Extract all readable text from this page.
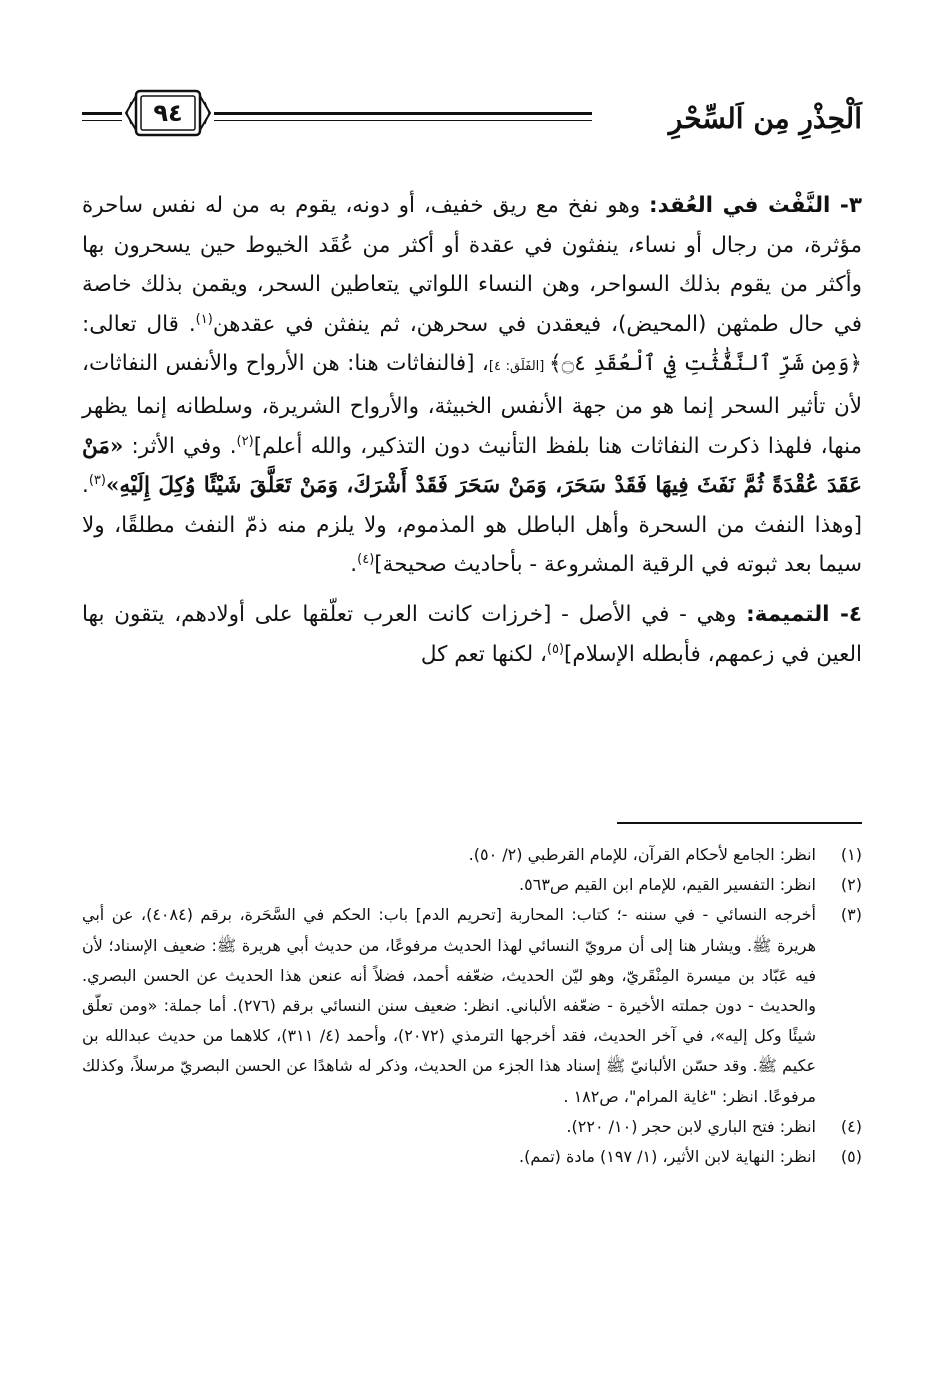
اَلْحِذْرِ مِن اَلسِّحْرِ
٩٤

٣- النَّفْث في العُقد: وهو نفخ مع ريق خفيف، أو دونه، يقوم به من له نفس ساحرة مؤثرة، من رجال أو نساء، ينفثون في عقدة أو أكثر من عُقَد الخيوط حين يسحرون بها وأكثر من يقوم بذلك السواحر، وهن النساء اللواتي يتعاطين السحر، ويقمن بذلك خاصة في حال طمثهن (المحيض)، فيعقدن في سحرهن، ثم ينفثن في عقدهن$^{(١)}$. قال تعالى: ﴿وَمِن شَرِّ ٱلنَّفَّٰثَٰتِ فِي ٱلْعُقَدِ ۝٤﴾ [الفَلَق: ٤]، [فالنفاثات هنا: هن الأرواح والأنفس النفاثات، لأن تأثير السحر إنما هو من جهة الأنفس الخبيثة، والأرواح الشريرة، وسلطانه إنما يظهر منها، فلهذا ذكرت النفاثات هنا بلفظ التأنيث دون التذكير، والله أعلم]$^{(٢)}$. وفي الأثر: «مَنْ عَقَدَ عُقْدَةً ثُمَّ نَفَثَ فِيهَا فَقَدْ سَحَرَ، وَمَنْ سَحَرَ فَقَدْ أَشْرَكَ، وَمَنْ تَعَلَّقَ شَيْئًا وُكِلَ إِلَيْهِ»$^{(٣)}$. [وهذا النفث من السحرة وأهل الباطل هو المذموم، ولا يلزم منه ذمّ النفث مطلقًا، ولا سيما بعد ثبوته في الرقية المشروعة - بأحاديث صحيحة]$^{(٤)}$.

٤- التميمة: وهي - في الأصل - [خرزات كانت العرب تعلّقها على أولادهم، يتقون بها العين في زعمهم، فأبطله الإسلام]$^{(٥)}$، لكنها تعم كل

(١)
انظر: الجامع لأحكام القرآن، للإمام القرطبي (٢/ ٥٠).
(٢)
انظر: التفسير القيم، للإمام ابن القيم ص٥٦٣.
(٣)
أخرجه النسائي - في سننه -؛ كتاب: المحاربة [تحريم الدم] باب: الحكم في السَّحَرة، برقم (٤٠٨٤)، عن أبي هريرة ﷺ. ويشار هنا إلى أن مرويّ النسائي لهذا الحديث مرفوعًا، من حديث أبي هريرة ﷺ: ضعيف الإسناد؛ لأن فيه عَبّاد بن ميسرة المِنْقَريّ، وهو ليّن الحديث، ضعّفه أحمد، فضلاً أنه عنعن هذا الحديث عن الحسن البصري. والحديث - دون جملته الأخيرة - ضعّفه الألباني. انظر: ضعيف سنن النسائي برقم (٢٧٦). أما جملة: «ومن تعلّق شيئًا وكل إليه»، في آخر الحديث، فقد أخرجها الترمذي (٢٠٧٢)، وأحمد (٤/ ٣١١)، كلاهما من حديث عبدالله بن عكيم ﷺ. وقد حسّن الألبانيّ ﷺ إسناد هذا الجزء من الحديث، وذكر له شاهدًا عن الحسن البصريّ مرسلاً، وكذلك مرفوعًا. انظر: "غاية المرام"، ص١٨٢ .
(٤)
انظر: فتح الباري لابن حجر (١٠/ ٢٢٠).
(٥)
انظر: النهاية لابن الأثير، (١/ ١٩٧) مادة (تمم).
